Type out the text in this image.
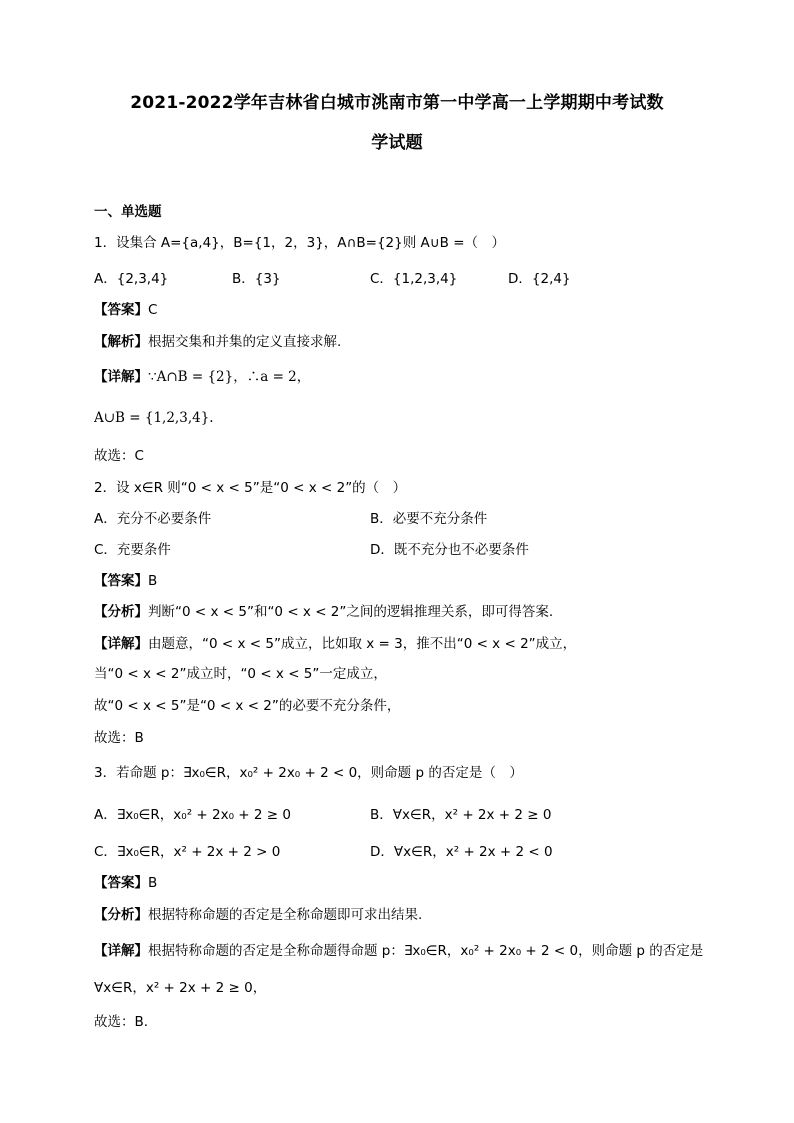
2021-2022学年吉林省白城市洮南市第一中学高一上学期期中考试数
学试题
一、单选题
1．设集合 A={a,4}，B={1，2，3}，A∩B={2}则 A∪B =（　）
A．{2,3,4}	B．{3}	C．{1,2,3,4}	D．{2,4}
【答案】C
【解析】根据交集和并集的定义直接求解.
【详解】∵A∩B = {2}，∴a = 2，
A∪B = {1,2,3,4}.
故选：C
2．设 x∈R 则“0 < x < 5”是“0 < x < 2”的（　）
A．充分不必要条件	B．必要不充分条件
C．充要条件	D．既不充分也不必要条件
【答案】B
【分析】判断“0 < x < 5”和“0 < x < 2”之间的逻辑推理关系，即可得答案.
【详解】由题意，“0 < x < 5”成立，比如取 x = 3，推不出“0 < x < 2”成立，
当“0 < x < 2”成立时，“0 < x < 5”一定成立，
故“0 < x < 5”是“0 < x < 2”的必要不充分条件，
故选：B
3．若命题 p：∃x₀∈R，x₀² + 2x₀ + 2 < 0，则命题 p 的否定是（　）
A．∃x₀∈R，x₀² + 2x₀ + 2 ≥ 0	B．∀x∈R，x² + 2x + 2 ≥ 0
C．∃x₀∈R，x² + 2x + 2 > 0	D．∀x∈R，x² + 2x + 2 < 0
【答案】B
【分析】根据特称命题的否定是全称命题即可求出结果.
【详解】根据特称命题的否定是全称命题得命题 p：∃x₀∈R，x₀² + 2x₀ + 2 < 0，则命题 p 的否定是
∀x∈R，x² + 2x + 2 ≥ 0，
故选：B.
